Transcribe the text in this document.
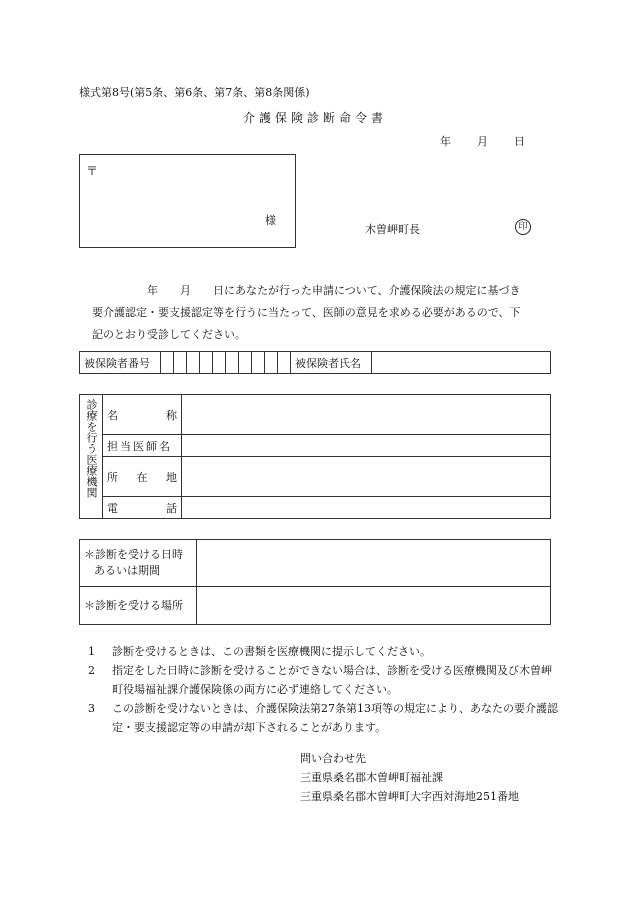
様式第8号(第5条、第6条、第7条、第8条関係)
介護保険診断命令書
年 月 日
〒
様
木曽岬町長	印
年　　月　　日にあなたが行った申請について、介護保険法の規定に基づき
要介護認定・要支援認定等を行うに当たって、医師の意見を求める必要があるので、下
記のとおり受診してください。
被保険者番号											被保険者氏名	
診療を行う医療機関	名 称	

	担当医師名	

	所 在 地	

	電 話	

＊診断を受ける日時
あるいは期間	

＊診断を受ける場所	
1	診断を受けるときは、この書類を医療機関に提示してください。
2	指定をした日時に診断を受けることができない場合は、診断を受ける医療機関及び木曽岬町役場福祉課介護保険係の両方に必ず連絡してください。
3	この診断を受けないときは、介護保険法第27条第13項等の規定により、あなたの要介護認定・要支援認定等の申請が却下されることがあります。
問い合わせ先
三重県桑名郡木曽岬町福祉課
三重県桑名郡木曽岬町大字西対海地251番地
